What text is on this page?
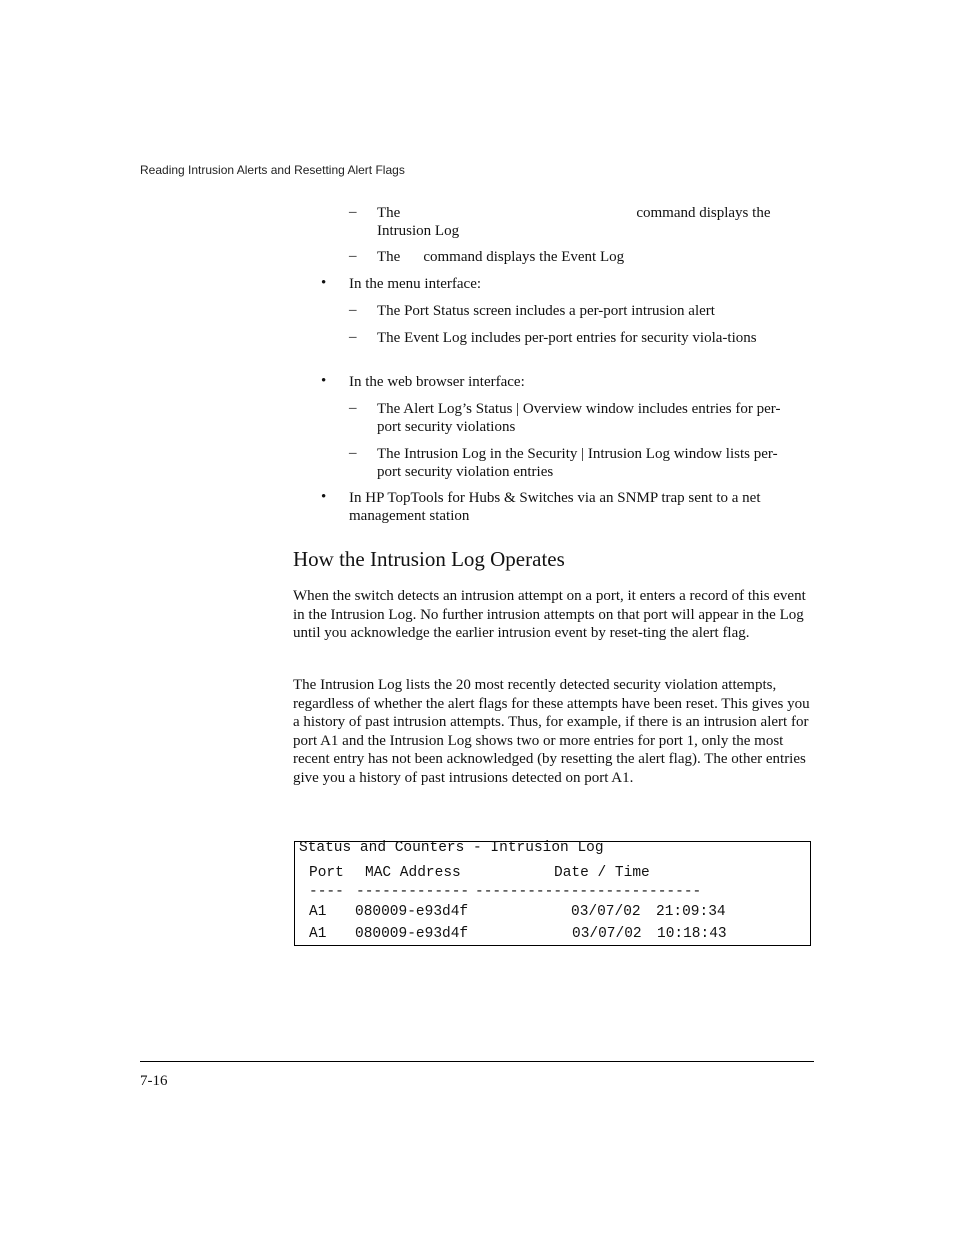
Reading Intrusion Alerts and Resetting Alert Flags
– The	command displays the Intrusion Log
– The command displays the Event Log
• In the menu interface:
– The Port Status screen includes a per-port intrusion alert
– The Event Log includes per-port entries for security viola-tions
• In the web browser interface:
– The Alert Log’s Status | Overview window includes entries for per-port security violations
– The Intrusion Log in the Security | Intrusion Log window lists per-port security violation entries
• In HP TopTools for Hubs & Switches via an SNMP trap sent to a net management station
How the Intrusion Log Operates

When the switch detects an intrusion attempt on a port, it enters a record of this event in the Intrusion Log. No further intrusion attempts on that port will appear in the Log until you acknowledge the earlier intrusion event by reset-ting the alert flag.

The Intrusion Log lists the 20 most recently detected security violation attempts, regardless of whether the alert flags for these attempts have been reset. This gives you a history of past intrusion attempts. Thus, for example, if there is an intrusion alert for port A1 and the Intrusion Log shows two or more entries for port 1, only the most recent entry has not been acknowledged (by resetting the alert flag). The other entries give you a history of past intrusions detected on port A1.

Status and Counters - Intrusion Log
Port MAC Address	Date / Time
---- ------------- --------------------------
A1 080009-e93d4f	03/07/02 21:09:34
A1 080009-e93d4f	03/07/02 10:18:43
7-16
